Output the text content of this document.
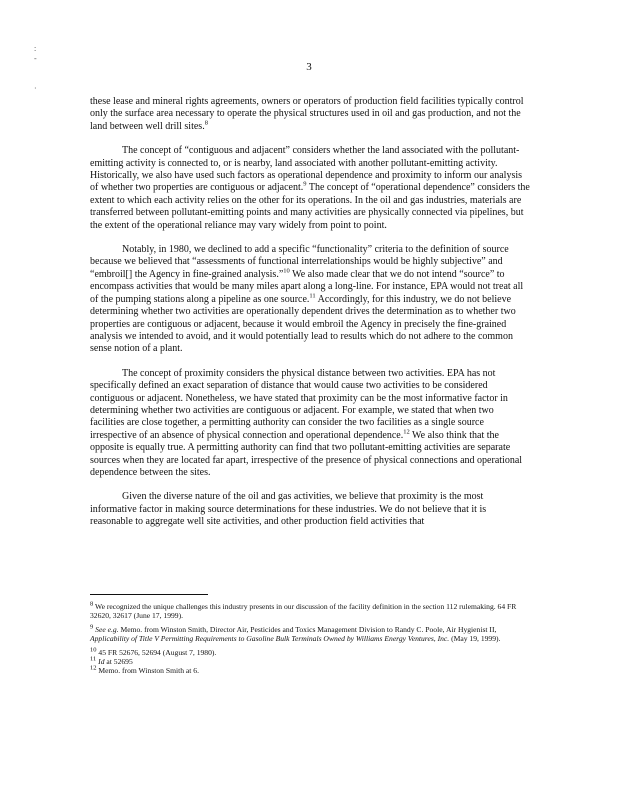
3
:
-
·

these lease and mineral rights agreements, owners or operators of production field facilities typically control only the surface area necessary to operate the physical structures used in oil and gas production, and not the land between well drill sites.$^8$

The concept of “contiguous and adjacent” considers whether the land associated with the pollutant-emitting activity is connected to, or is nearby, land associated with another pollutant-emitting activity. Historically, we also have used such factors as operational dependence and proximity to inform our analysis of whether two properties are contiguous or adjacent.$^9$ The concept of “operational dependence” considers the extent to which each activity relies on the other for its operations. In the oil and gas industries, materials are transferred between pollutant-emitting points and many activities are physically connected via pipelines, but the extent of the operational reliance may vary widely from point to point.

Notably, in 1980, we declined to add a specific “functionality” criteria to the definition of source because we believed that “assessments of functional interrelationships would be highly subjective” and “embroil[] the Agency in fine-grained analysis.”$^{10}$ We also made clear that we do not intend “source” to encompass activities that would be many miles apart along a long-line. For instance, EPA would not treat all of the pumping stations along a pipeline as one source.$^{11}$ Accordingly, for this industry, we do not believe determining whether two activities are operationally dependent drives the determination as to whether two properties are contiguous or adjacent, because it would embroil the Agency in precisely the fine-grained analysis we intended to avoid, and it would potentially lead to results which do not adhere to the common sense notion of a plant.

The concept of proximity considers the physical distance between two activities. EPA has not specifically defined an exact separation of distance that would cause two activities to be considered contiguous or adjacent. Nonetheless, we have stated that proximity can be the most informative factor in determining whether two activities are contiguous or adjacent. For example, we stated that when two facilities are close together, a permitting authority can consider the two facilities as a single source irrespective of an absence of physical connection and operational dependence.$^{12}$ We also think that the opposite is equally true. A permitting authority can find that two pollutant-emitting activities are separate sources when they are located far apart, irrespective of the presence of physical connections and operational dependence between the sites.

Given the diverse nature of the oil and gas activities, we believe that proximity is the most informative factor in making source determinations for these industries. We do not believe that it is reasonable to aggregate well site activities, and other production field activities that

$^8$ We recognized the unique challenges this industry presents in our discussion of the facility definition in the section 112 rulemaking. 64 FR 32620, 32617 (June 17, 1999).

$^9$ See e.g. Memo. from Winston Smith, Director Air, Pesticides and Toxics Management Division to Randy C. Poole, Air Hygienist II, Applicability of Title V Permitting Requirements to Gasoline Bulk Terminals Owned by Williams Energy Ventures, Inc. (May 19, 1999).

$^{10}$ 45 FR 52676, 52694 (August 7, 1980).

$^{11}$ Id at 52695

$^{12}$ Memo. from Winston Smith at 6.
